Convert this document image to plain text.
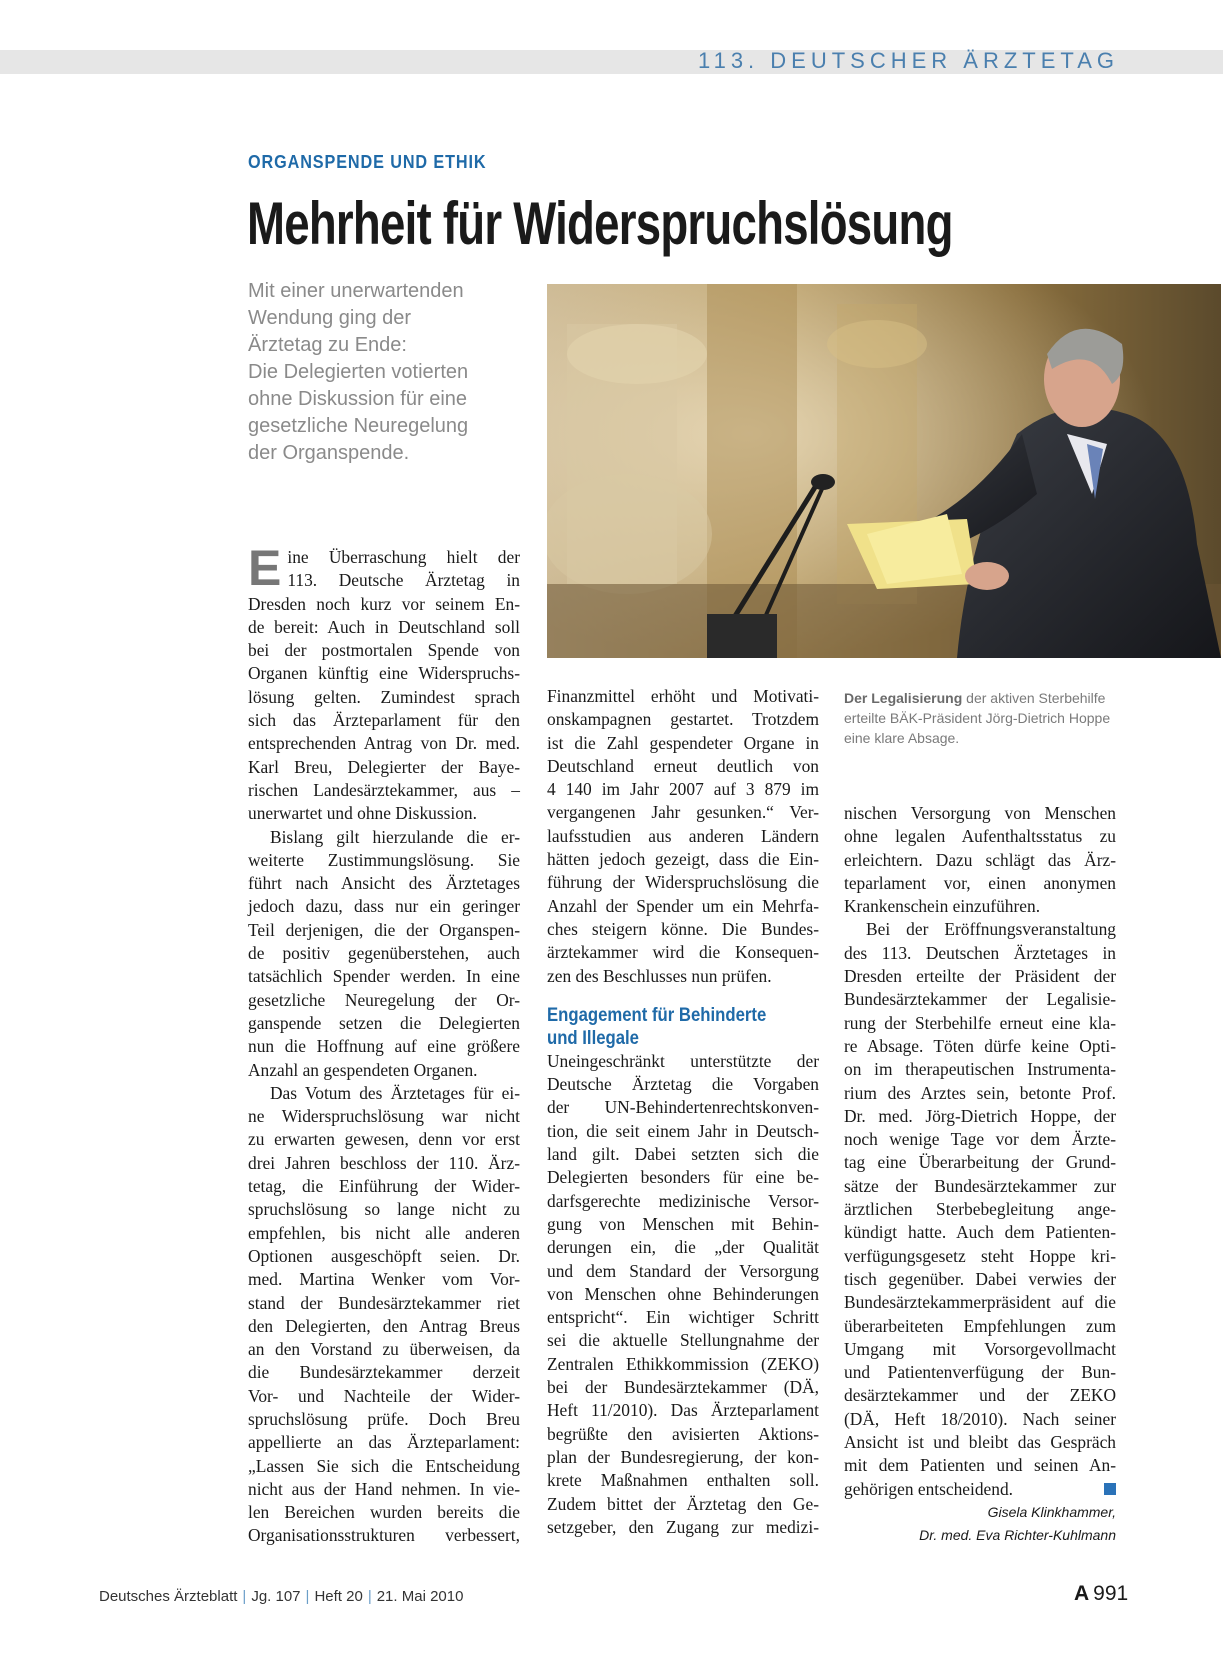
113. DEUTSCHER ÄRZTETAG
ORGANSPENDE UND ETHIK
Mehrheit für Widerspruchslösung
Mit einer unerwartenden
Wendung ging der
Ärztetag zu Ende:
Die Delegierten votierten
ohne Diskussion für eine
gesetzliche Neuregelung
der Organspende.
Der Legalisierung der aktiven Sterbehilfe erteilte BÄK-Präsident Jörg-Dietrich Hoppe eine klare Absage.
E ine Überraschung hielt der
113. Deutsche Ärztetag in
Dresden noch kurz vor seinem En-
de bereit: Auch in Deutschland soll
bei der postmortalen Spende von
Organen künftig eine Widerspruchs-
lösung gelten. Zumindest sprach
sich das Ärzteparlament für den
entsprechenden Antrag von Dr. med.
Karl Breu, Delegierter der Baye-
rischen Landesärztekammer, aus –
unerwartet und ohne Diskussion.
Bislang gilt hierzulande die er-
weiterte Zustimmungslösung. Sie
führt nach Ansicht des Ärztetages
jedoch dazu, dass nur ein geringer
Teil derjenigen, die der Organspen-
de positiv gegenüberstehen, auch
tatsächlich Spender werden. In eine
gesetzliche Neuregelung der Or-
ganspende setzen die Delegierten
nun die Hoffnung auf eine größere
Anzahl an gespendeten Organen.
Das Votum des Ärztetages für ei-
ne Widerspruchslösung war nicht
zu erwarten gewesen, denn vor erst
drei Jahren beschloss der 110. Ärz-
tetag, die Einführung der Wider-
spruchslösung so lange nicht zu
empfehlen, bis nicht alle anderen
Optionen ausgeschöpft seien. Dr.
med. Martina Wenker vom Vor-
stand der Bundesärztekammer riet
den Delegierten, den Antrag Breus
an den Vorstand zu überweisen, da
die Bundesärztekammer derzeit
Vor- und Nachteile der Wider-
spruchslösung prüfe. Doch Breu
appellierte an das Ärzteparlament:
„Lassen Sie sich die Entscheidung
nicht aus der Hand nehmen. In vie-
len Bereichen wurden bereits die
Organisationsstrukturen verbessert,
Finanzmittel erhöht und Motivati-
onskampagnen gestartet. Trotzdem
ist die Zahl gespendeter Organe in
Deutschland erneut deutlich von
4 140 im Jahr 2007 auf 3 879 im
vergangenen Jahr gesunken.“ Ver-
laufsstudien aus anderen Ländern
hätten jedoch gezeigt, dass die Ein-
führung der Widerspruchslösung die
Anzahl der Spender um ein Mehrfa-
ches steigern könne. Die Bundes-
ärztekammer wird die Konsequen-
zen des Beschlusses nun prüfen.
Engagement für Behinderte
und Illegale
Uneingeschränkt unterstützte der
Deutsche Ärztetag die Vorgaben
der UN-Behindertenrechtskonven-
tion, die seit einem Jahr in Deutsch-
land gilt. Dabei setzten sich die
Delegierten besonders für eine be-
darfsgerechte medizinische Versor-
gung von Menschen mit Behin-
derungen ein, die „der Qualität
und dem Standard der Versorgung
von Menschen ohne Behinderungen
entspricht“. Ein wichtiger Schritt
sei die aktuelle Stellungnahme der
Zentralen Ethikkommission (ZEKO)
bei der Bundesärztekammer (DÄ,
Heft 11/2010). Das Ärzteparlament
begrüßte den avisierten Aktions-
plan der Bundesregierung, der kon-
krete Maßnahmen enthalten soll.
Zudem bittet der Ärztetag den Ge-
setzgeber, den Zugang zur medizi-
nischen Versorgung von Menschen
ohne legalen Aufenthaltsstatus zu
erleichtern. Dazu schlägt das Ärz-
teparlament vor, einen anonymen
Krankenschein einzuführen.
Bei der Eröffnungsveranstaltung
des 113. Deutschen Ärztetages in
Dresden erteilte der Präsident der
Bundesärztekammer der Legalisie-
rung der Sterbehilfe erneut eine kla-
re Absage. Töten dürfe keine Opti-
on im therapeutischen Instrumenta-
rium des Arztes sein, betonte Prof.
Dr. med. Jörg-Dietrich Hoppe, der
noch wenige Tage vor dem Ärzte-
tag eine Überarbeitung der Grund-
sätze der Bundesärztekammer zur
ärztlichen Sterbebegleitung ange-
kündigt hatte. Auch dem Patienten-
verfügungsgesetz steht Hoppe kri-
tisch gegenüber. Dabei verwies der
Bundesärztekammerpräsident auf die
überarbeiteten Empfehlungen zum
Umgang mit Vorsorgevollmacht
und Patientenverfügung der Bun-
desärztekammer und der ZEKO
(DÄ, Heft 18/2010). Nach seiner
Ansicht ist und bleibt das Gespräch
mit dem Patienten und seinen An-
gehörigen entscheidend.
Gisela Klinkhammer,
Dr. med. Eva Richter-Kuhlmann
Deutsches Ärzteblatt | Jg. 107 | Heft 20 | 21. Mai 2010	A 991
